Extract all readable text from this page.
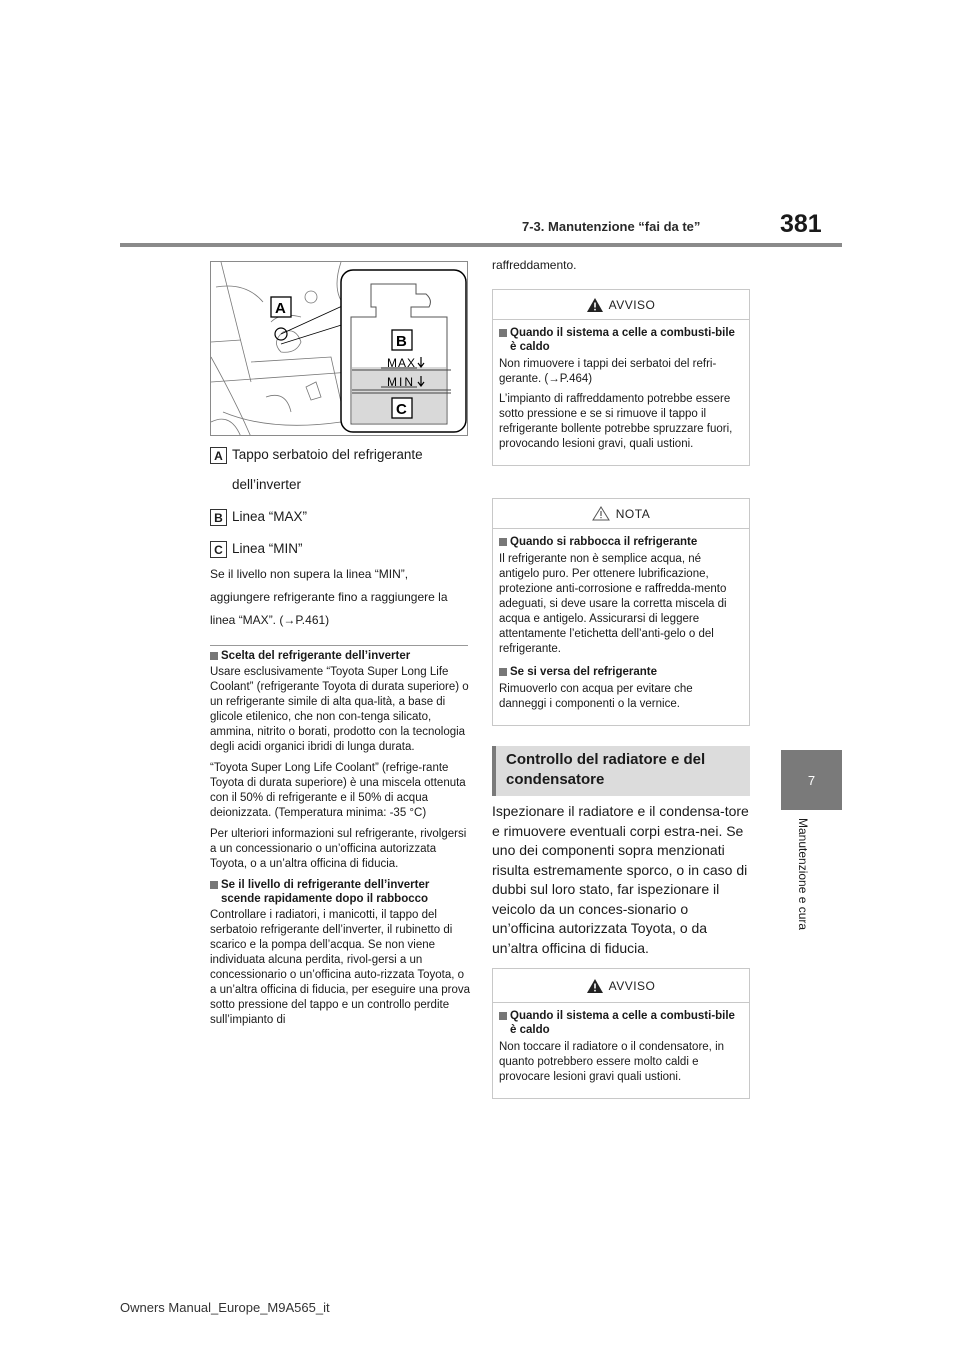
7-3. Manutenzione “fai da te”	381
7
Manutenzione e cura
MAX
MIN
A
B
C
A Tappo serbatoio del refrigerante dell’inverter
B Linea “MAX”
C Linea “MIN”
Se il livello non supera la linea “MIN”, aggiungere refrigerante fino a raggiungere la linea “MAX”. (→P.461)
Scelta del refrigerante dell’inverter

Usare esclusivamente “Toyota Super Long Life Coolant” (refrigerante Toyota di durata superiore) o un refrigerante simile di alta qua-lità, a base di glicole etilenico, che non con-tenga silicato, ammina, nitrito o borati, prodotto con la tecnologia degli acidi organici ibridi di lunga durata.

“Toyota Super Long Life Coolant” (refrige-rante Toyota di durata superiore) è una miscela ottenuta con il 50% di refrigerante e il 50% di acqua deionizzata. (Temperatura minima: -35 °C)

Per ulteriori informazioni sul refrigerante, rivolgersi a un concessionario o un’officina autorizzata Toyota, o a un’altra officina di fiducia.

Se il livello di refrigerante dell’inverter scende rapidamente dopo il rabbocco

Controllare i radiatori, i manicotti, il tappo del serbatoio refrigerante dell’inverter, il rubinetto di scarico e la pompa dell’acqua. Se non viene individuata alcuna perdita, rivol-gersi a un concessionario o un’officina auto-rizzata Toyota, o a un’altra officina di fiducia, per eseguire una prova sotto pressione del tappo e un controllo perdite sull’impianto di

raffreddamento.
AVVISO
Quando il sistema a celle a combusti-bile è caldo

Non rimuovere i tappi dei serbatoi del refri-gerante. (→P.464)

L’impianto di raffreddamento potrebbe essere sotto pressione e se si rimuove il tappo il refrigerante bollente potrebbe spruzzare fuori, provocando lesioni gravi, quali ustioni.

NOTA
Quando si rabbocca il refrigerante

Il refrigerante non è semplice acqua, né antigelo puro. Per ottenere lubrificazione, protezione anti-corrosione e raffredda-mento adeguati, si deve usare la corretta miscela di acqua e antigelo. Assicurarsi di leggere attentamente l’etichetta dell’anti-gelo o del refrigerante.

Se si versa del refrigerante

Rimuoverlo con acqua per evitare che danneggi i componenti o la vernice.

Controllo del radiatore e del condensatore
Ispezionare il radiatore e il condensa-tore e rimuovere eventuali corpi estra-nei. Se uno dei componenti sopra menzionati risulta estremamente sporco, o in caso di dubbi sul loro stato, far ispezionare il veicolo da un conces-sionario o un’officina autorizzata Toyota, o da un’altra officina di fiducia.
AVVISO
Quando il sistema a celle a combusti-bile è caldo

Non toccare il radiatore o il condensatore, in quanto potrebbero essere molto caldi e provocare lesioni gravi quali ustioni.

Owners Manual_Europe_M9A565_it
